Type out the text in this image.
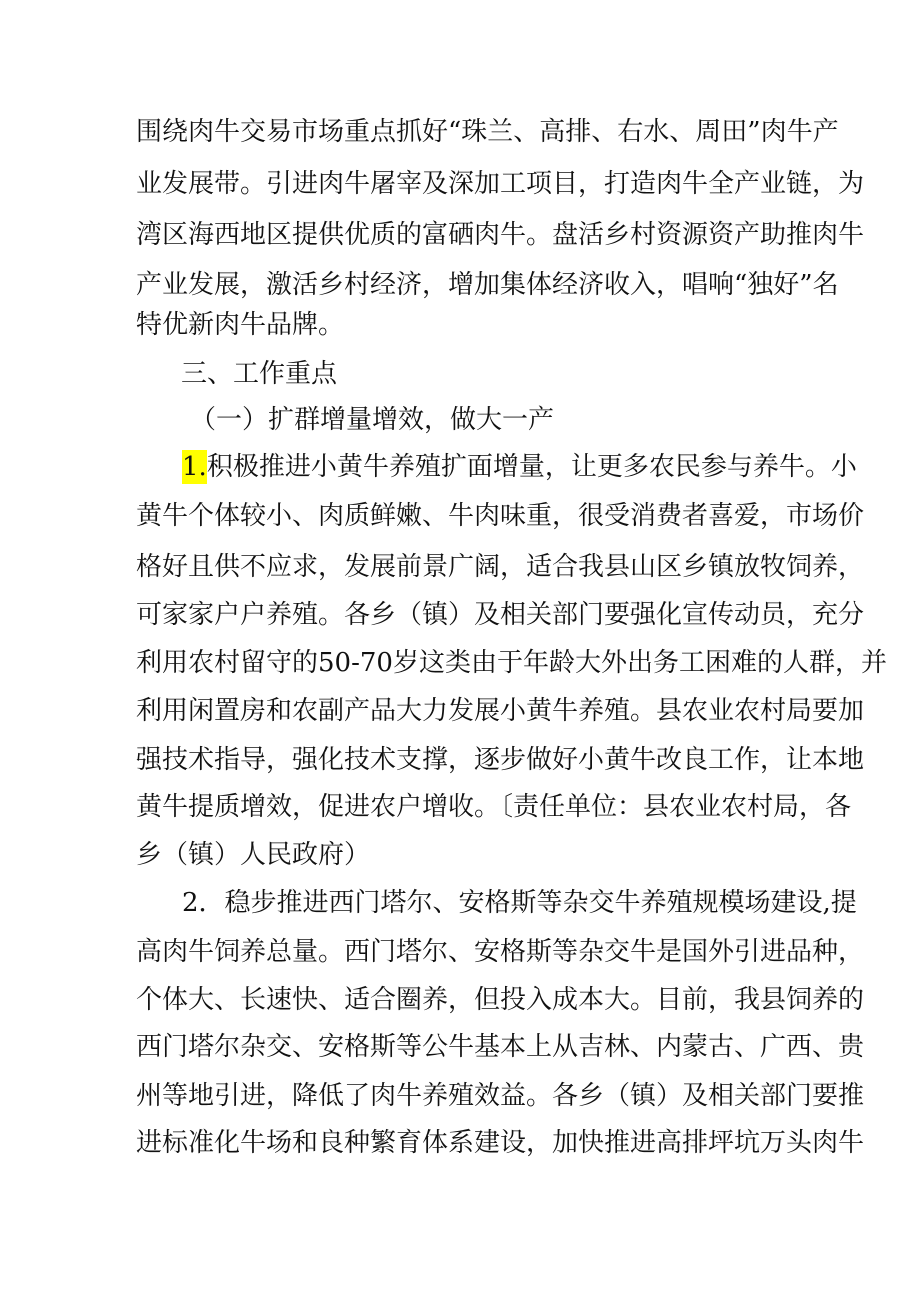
围绕肉牛交易市场重点抓好“珠兰、高排、右水、周田”肉牛产
业发展带。引进肉牛屠宰及深加工项目，打造肉牛全产业链，为
湾区海西地区提供优质的富硒肉牛。盘活乡村资源资产助推肉牛
产业发展，激活乡村经济，增加集体经济收入，唱响“独好”名
特优新肉牛品牌。
三、工作重点
（一）扩群增量增效，做大一产
1.积极推进小黄牛养殖扩面增量，让更多农民参与养牛。小
黄牛个体较小、肉质鲜嫩、牛肉味重，很受消费者喜爱，市场价
格好且供不应求，发展前景广阔，适合我县山区乡镇放牧饲养，
可家家户户养殖。各乡（镇）及相关部门要强化宣传动员，充分
利用农村留守的50-70岁这类由于年龄大外出务工困难的人群，并
利用闲置房和农副产品大力发展小黄牛养殖。县农业农村局要加
强技术指导，强化技术支撑，逐步做好小黄牛改良工作，让本地
黄牛提质增效，促进农户增收。〔责任单位：县农业农村局，各
乡（镇）人民政府）
2．稳步推进西门塔尔、安格斯等杂交牛养殖规模场建设,提
高肉牛饲养总量。西门塔尔、安格斯等杂交牛是国外引进品种，
个体大、长速快、适合圈养，但投入成本大。目前，我县饲养的
西门塔尔杂交、安格斯等公牛基本上从吉林、内蒙古、广西、贵
州等地引进，降低了肉牛养殖效益。各乡（镇）及相关部门要推
进标准化牛场和良种繁育体系建设，加快推进高排坪坑万头肉牛
